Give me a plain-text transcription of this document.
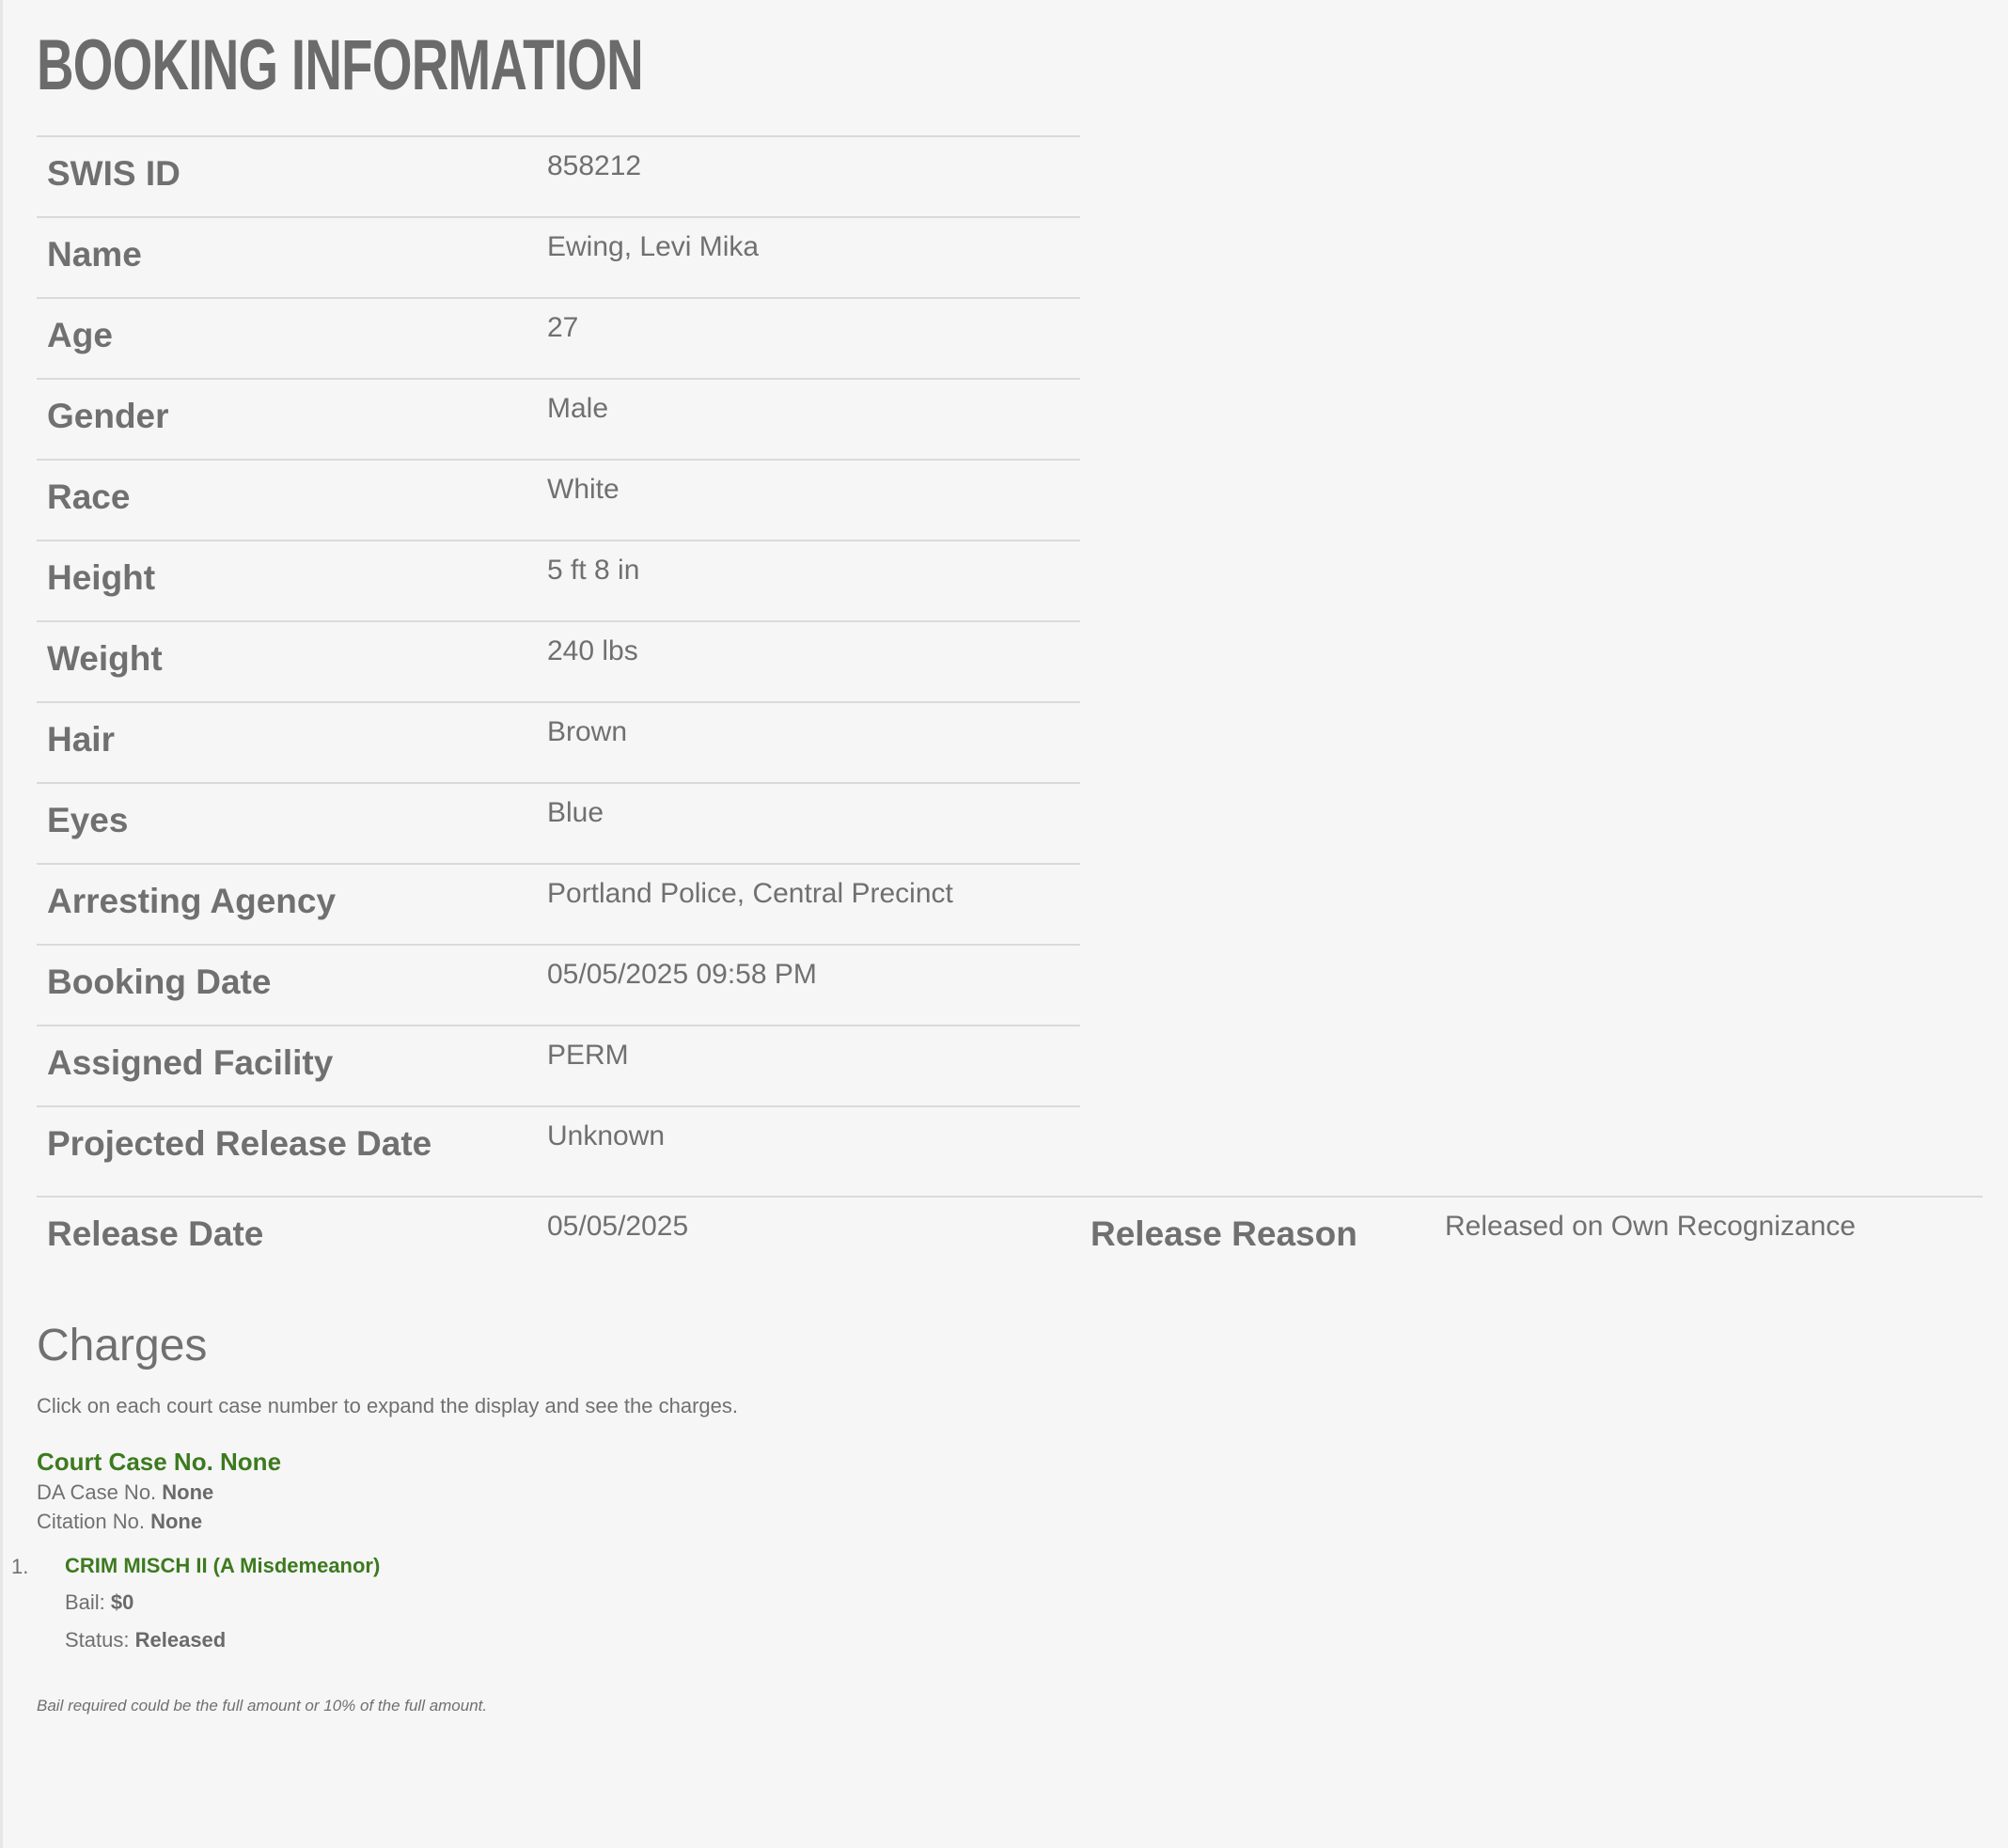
BOOKING INFORMATION
SWIS ID	858212
Name	Ewing, Levi Mika
Age	27
Gender	Male
Race	White
Height	5 ft 8 in
Weight	240 lbs
Hair	Brown
Eyes	Blue
Arresting Agency	Portland Police, Central Precinct
Booking Date	05/05/2025 09:58 PM
Assigned Facility	PERM
Projected Release Date	Unknown
Release Date	05/05/2025	Release Reason	Released on Own Recognizance
Charges
Click on each court case number to expand the display and see the charges.
Court Case No. None
DA Case No. None
Citation No. None
1. CRIM MISCH II (A Misdemeanor)
Bail: $0
Status: Released
Bail required could be the full amount or 10% of the full amount.
